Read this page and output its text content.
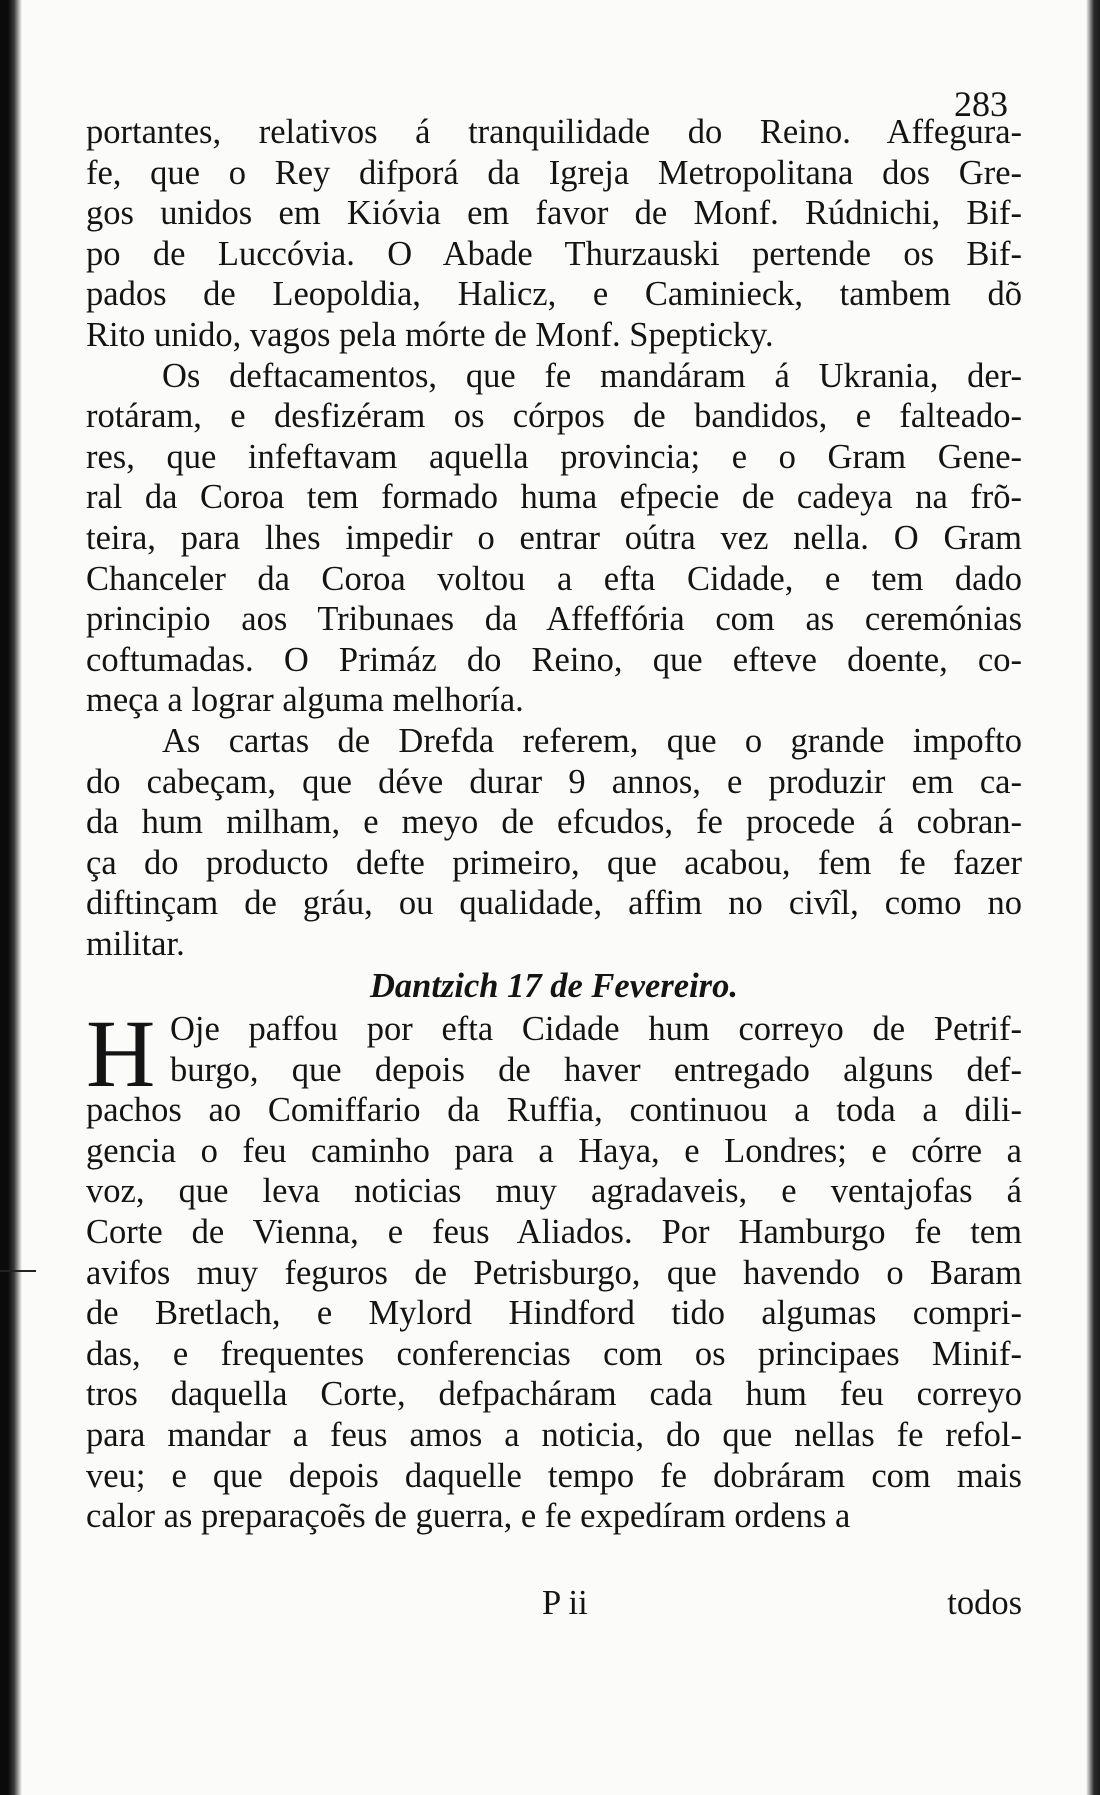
283
portantes, relativos á tranquilidade do Reino. Affegura-
fe, que o Rey difporá da Igreja Metropolitana dos Gre-
gos unidos em Kióvia em favor de Monf. Rúdnichi, Bif-
po de Luccóvia. O Abade Thurzauski pertende os Bif-
pados de Leopoldia, Halicz, e Caminieck, tambem dõ
Rito unido, vagos pela mórte de Monf. Spepticky.
Os deftacamentos, que fe mandáram á Ukrania, der-
rotáram, e desfizéram os córpos de bandidos, e falteado-
res, que infeftavam aquella provincia; e o Gram Gene-
ral da Coroa tem formado huma efpecie de cadeya na frõ-
teira, para lhes impedir o entrar oútra vez nella. O Gram
Chanceler da Coroa voltou a efta Cidade, e tem dado
principio aos Tribunaes da Affeffória com as ceremónias
coftumadas. O Primáz do Reino, que efteve doente, co-
meça a lograr alguma melhoría.
As cartas de Drefda referem, que o grande impofto
do cabeçam, que déve durar 9 annos, e produzir em ca-
da hum milham, e meyo de efcudos, fe procede á cobran-
ça do producto defte primeiro, que acabou, fem fe fazer
diftinçam de gráu, ou qualidade, affim no civîl, como no
militar.
Dantzich 17 de Fevereiro.
H Oje paffou por efta Cidade hum correyo de Petrif-
burgo, que depois de haver entregado alguns def-
pachos ao Comiffario da Ruffia, continuou a toda a dili-
gencia o feu caminho para a Haya, e Londres; e córre a
voz, que leva noticias muy agradaveis, e ventajofas á
Corte de Vienna, e feus Aliados. Por Hamburgo fe tem
avifos muy feguros de Petrisburgo, que havendo o Baram
de Bretlach, e Mylord Hindford tido algumas compri-
das, e frequentes conferencias com os principaes Minif-
tros daquella Corte, defpacháram cada hum feu correyo
para mandar a feus amos a noticia, do que nellas fe refol-
veu; e que depois daquelle tempo fe dobráram com mais
calor as preparaçoẽs de guerra, e fe expedíram ordens a
P ii	todos
